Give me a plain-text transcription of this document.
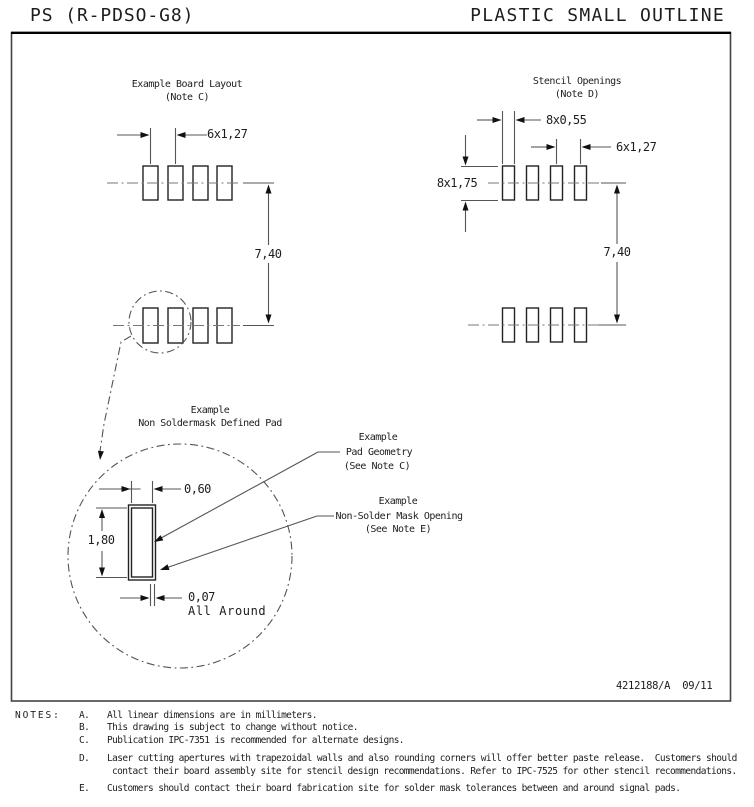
PS (R-PDSO-G8)	PLASTIC SMALL OUTLINE
Example Board Layout
(Note C)
6x1,27
7,40
Stencil Openings
(Note D)
8x0,55
6x1,27
8x1,75
7,40
Example
Non Soldermask Defined Pad
0,60
1,80
0,07
All Around
Example
Pad Geometry
(See Note C)
Example
Non-Solder Mask Opening
(See Note E)
4212188/A  09/11
NOTES: A. All linear dimensions are in millimeters.
B. This drawing is subject to change without notice.
C. Publication IPC-7351 is recommended for alternate designs.
D. Laser cutting apertures with trapezoidal walls and also rounding corners will offer better paste release.  Customers should
contact their board assembly site for stencil design recommendations. Refer to IPC-7525 for other stencil recommendations.
E. Customers should contact their board fabrication site for solder mask tolerances between and around signal pads.
